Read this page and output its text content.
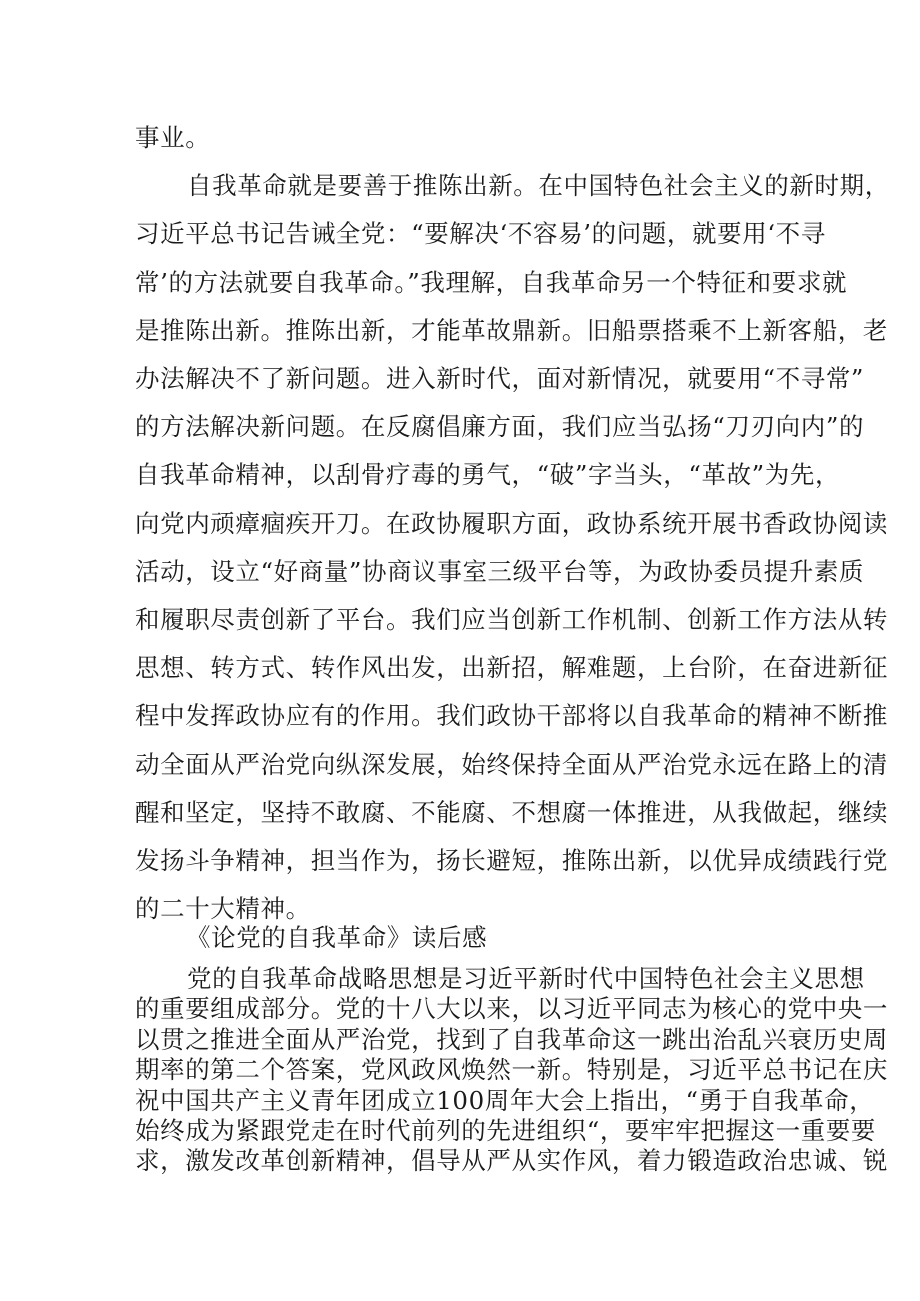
事业。
自我革命就是要善于推陈出新。在中国特色社会主义的新时期，
习近平总书记告诫全党：“要解决‘不容易’的问题，就要用‘不寻
常’的方法就要自我革命。”我理解，自我革命另一个特征和要求就
是推陈出新。推陈出新，才能革故鼎新。旧船票搭乘不上新客船，老
办法解决不了新问题。进入新时代，面对新情况，就要用“不寻常”
的方法解决新问题。在反腐倡廉方面，我们应当弘扬“刀刃向内”的
自我革命精神，以刮骨疗毒的勇气，“破”字当头，“革故”为先，
向党内顽瘴痼疾开刀。在政协履职方面，政协系统开展书香政协阅读
活动，设立“好商量”协商议事室三级平台等，为政协委员提升素质
和履职尽责创新了平台。我们应当创新工作机制、创新工作方法从转
思想、转方式、转作风出发，出新招，解难题，上台阶，在奋进新征
程中发挥政协应有的作用。我们政协干部将以自我革命的精神不断推
动全面从严治党向纵深发展，始终保持全面从严治党永远在路上的清
醒和坚定，坚持不敢腐、不能腐、不想腐一体推进，从我做起，继续
发扬斗争精神，担当作为，扬长避短，推陈出新，以优异成绩践行党
的二十大精神。
《论党的自我革命》读后感
党的自我革命战略思想是习近平新时代中国特色社会主义思想
的重要组成部分。党的十八大以来，以习近平同志为核心的党中央一
以贯之推进全面从严治党，找到了自我革命这一跳出治乱兴衰历史周
期率的第二个答案，党风政风焕然一新。特别是，习近平总书记在庆
祝中国共产主义青年团成立100周年大会上指出，“勇于自我革命，
始终成为紧跟党走在时代前列的先进组织“，要牢牢把握这一重要要
求，激发改革创新精神，倡导从严从实作风，着力锻造政治忠诚、锐
